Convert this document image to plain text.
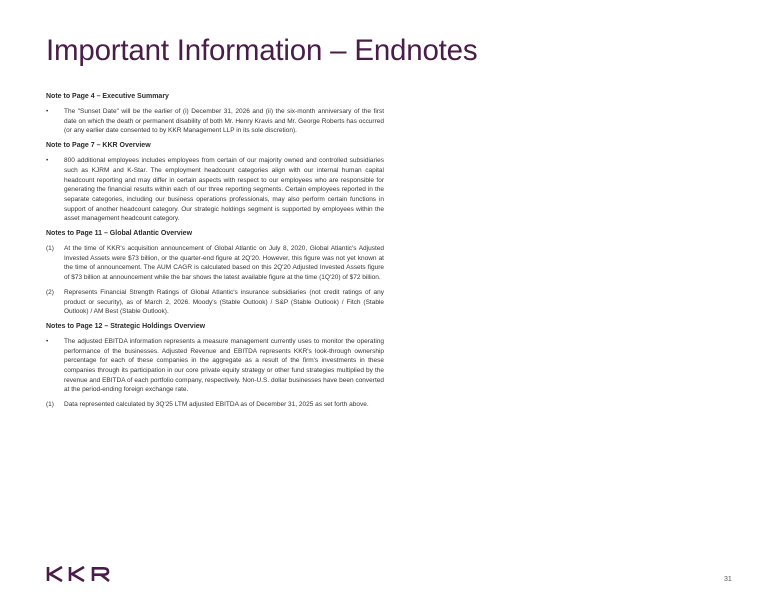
Important Information – Endnotes

Note to Page 4 – Executive Summary

•	The "Sunset Date" will be the earlier of (i) December 31, 2026 and (ii) the six-month anniversary of the first date on which the death or permanent disability of both Mr. Henry Kravis and Mr. George Roberts has occurred (or any earlier date consented to by KKR Management LLP in its sole discretion).

Note to Page 7 – KKR Overview

•	800 additional employees includes employees from certain of our majority owned and controlled subsidiaries such as KJRM and K-Star. The employment headcount categories align with our internal human capital headcount reporting and may differ in certain aspects with respect to our employees who are responsible for generating the financial results within each of our three reporting segments. Certain employees reported in the separate categories, including our business operations professionals, may also perform certain functions in support of another headcount category. Our strategic holdings segment is supported by employees within the asset management headcount category.

Notes to Page 11 – Global Atlantic Overview

(1)	At the time of KKR's acquisition announcement of Global Atlantic on July 8, 2020, Global Atlantic's Adjusted Invested Assets were $73 billion, or the quarter-end figure at 2Q'20. However, this figure was not yet known at the time of announcement. The AUM CAGR is calculated based on this 2Q'20 Adjusted Invested Assets figure of $73 billion at announcement while the bar shows the latest available figure at the time (1Q'20) of $72 billion.

(2)	Represents Financial Strength Ratings of Global Atlantic's insurance subsidiaries (not credit ratings of any product or security), as of March 2, 2026. Moody's (Stable Outlook) / S&P (Stable Outlook) / Fitch (Stable Outlook) / AM Best (Stable Outlook).

Notes to Page 12 – Strategic Holdings Overview

•	The adjusted EBITDA information represents a measure management currently uses to monitor the operating performance of the businesses. Adjusted Revenue and EBITDA represents KKR's look-through ownership percentage for each of these companies in the aggregate as a result of the firm's investments in these companies through its participation in our core private equity strategy or other fund strategies multiplied by the revenue and EBITDA of each portfolio company, respectively. Non-U.S. dollar businesses have been converted at the period-ending foreign exchange rate.

(1)	Data represented calculated by 3Q'25 LTM adjusted EBITDA as of December 31, 2025 as set forth above.

31
